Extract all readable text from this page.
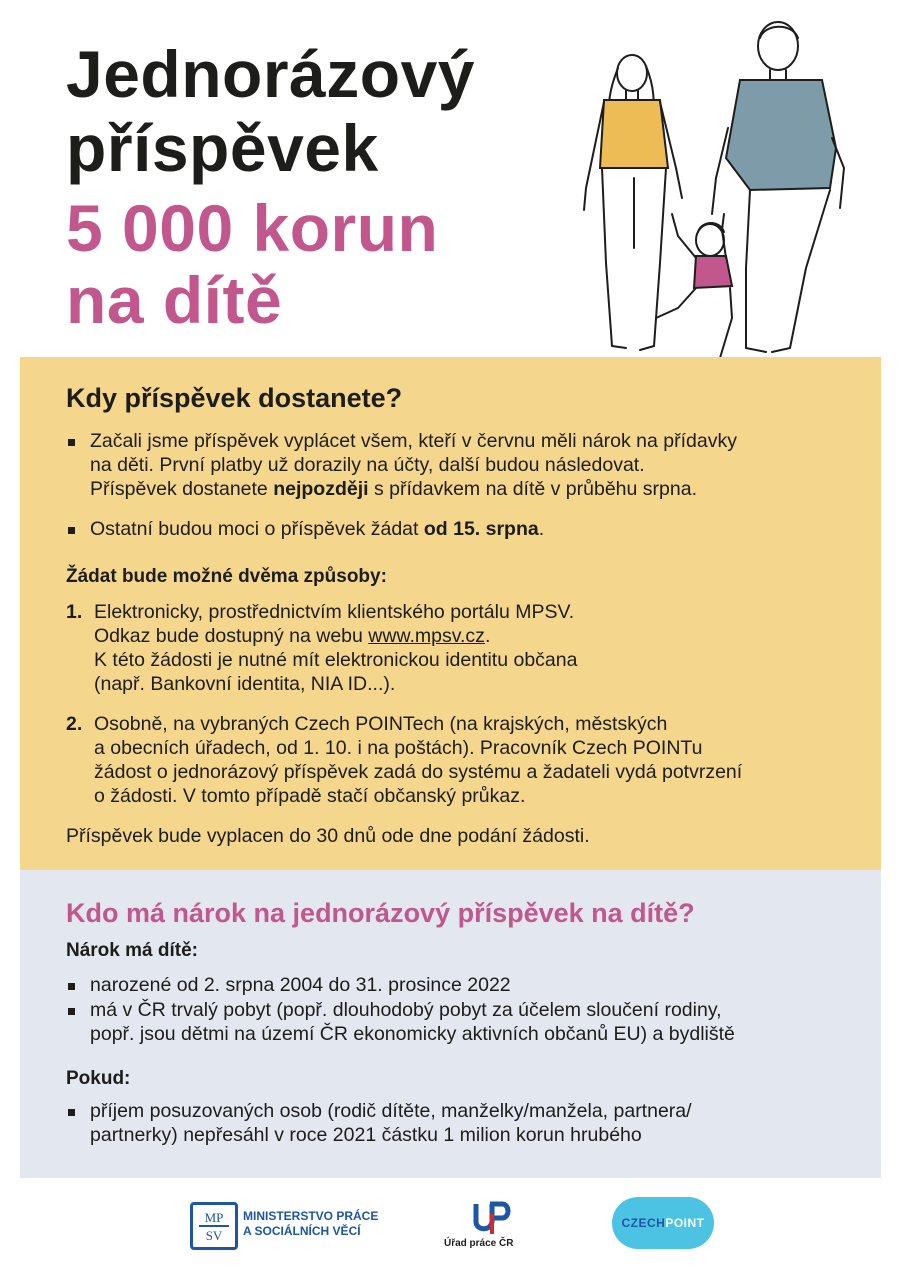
Jednorázový
příspěvek
5 000 korun
na dítě
Kdy příspěvek dostanete?
Začali jsme příspěvek vyplácet všem, kteří v červnu měli nárok na přídavky
na děti. První platby už dorazily na účty, další budou následovat.
Příspěvek dostanete nejpozději s přídavkem na dítě v průběhu srpna.
Ostatní budou moci o příspěvek žádat od 15. srpna.
Žádat bude možné dvěma způsoby:
1. Elektronicky, prostřednictvím klientského portálu MPSV.
Odkaz bude dostupný na webu www.mpsv.cz.
K této žádosti je nutné mít elektronickou identitu občana
(např. Bankovní identita, NIA ID...).
2. Osobně, na vybraných Czech POINTech (na krajských, městských
a obecních úřadech, od 1. 10. i na poštách). Pracovník Czech POINTu
žádost o jednorázový příspěvek zadá do systému a žadateli vydá potvrzení
o žádosti. V tomto případě stačí občanský průkaz.

Příspěvek bude vyplacen do 30 dnů ode dne podání žádosti.

Kdo má nárok na jednorázový příspěvek na dítě?
Nárok má dítě:
narozené od 2. srpna 2004 do 31. prosince 2022
má v ČR trvalý pobyt (popř. dlouhodobý pobyt za účelem sloučení rodiny,
popř. jsou dětmi na území ČR ekonomicky aktivních občanů EU) a bydliště
Pokud:
příjem posuzovaných osob (rodič dítěte, manželky/manžela, partnera/
partnerky) nepřesáhl v roce 2021 částku 1 milion korun hrubého
MP
SV
MINISTERSTVO PRÁCE
A SOCIÁLNÍCH VĚCÍ
Úřad práce ČR
CZECHPOINT
